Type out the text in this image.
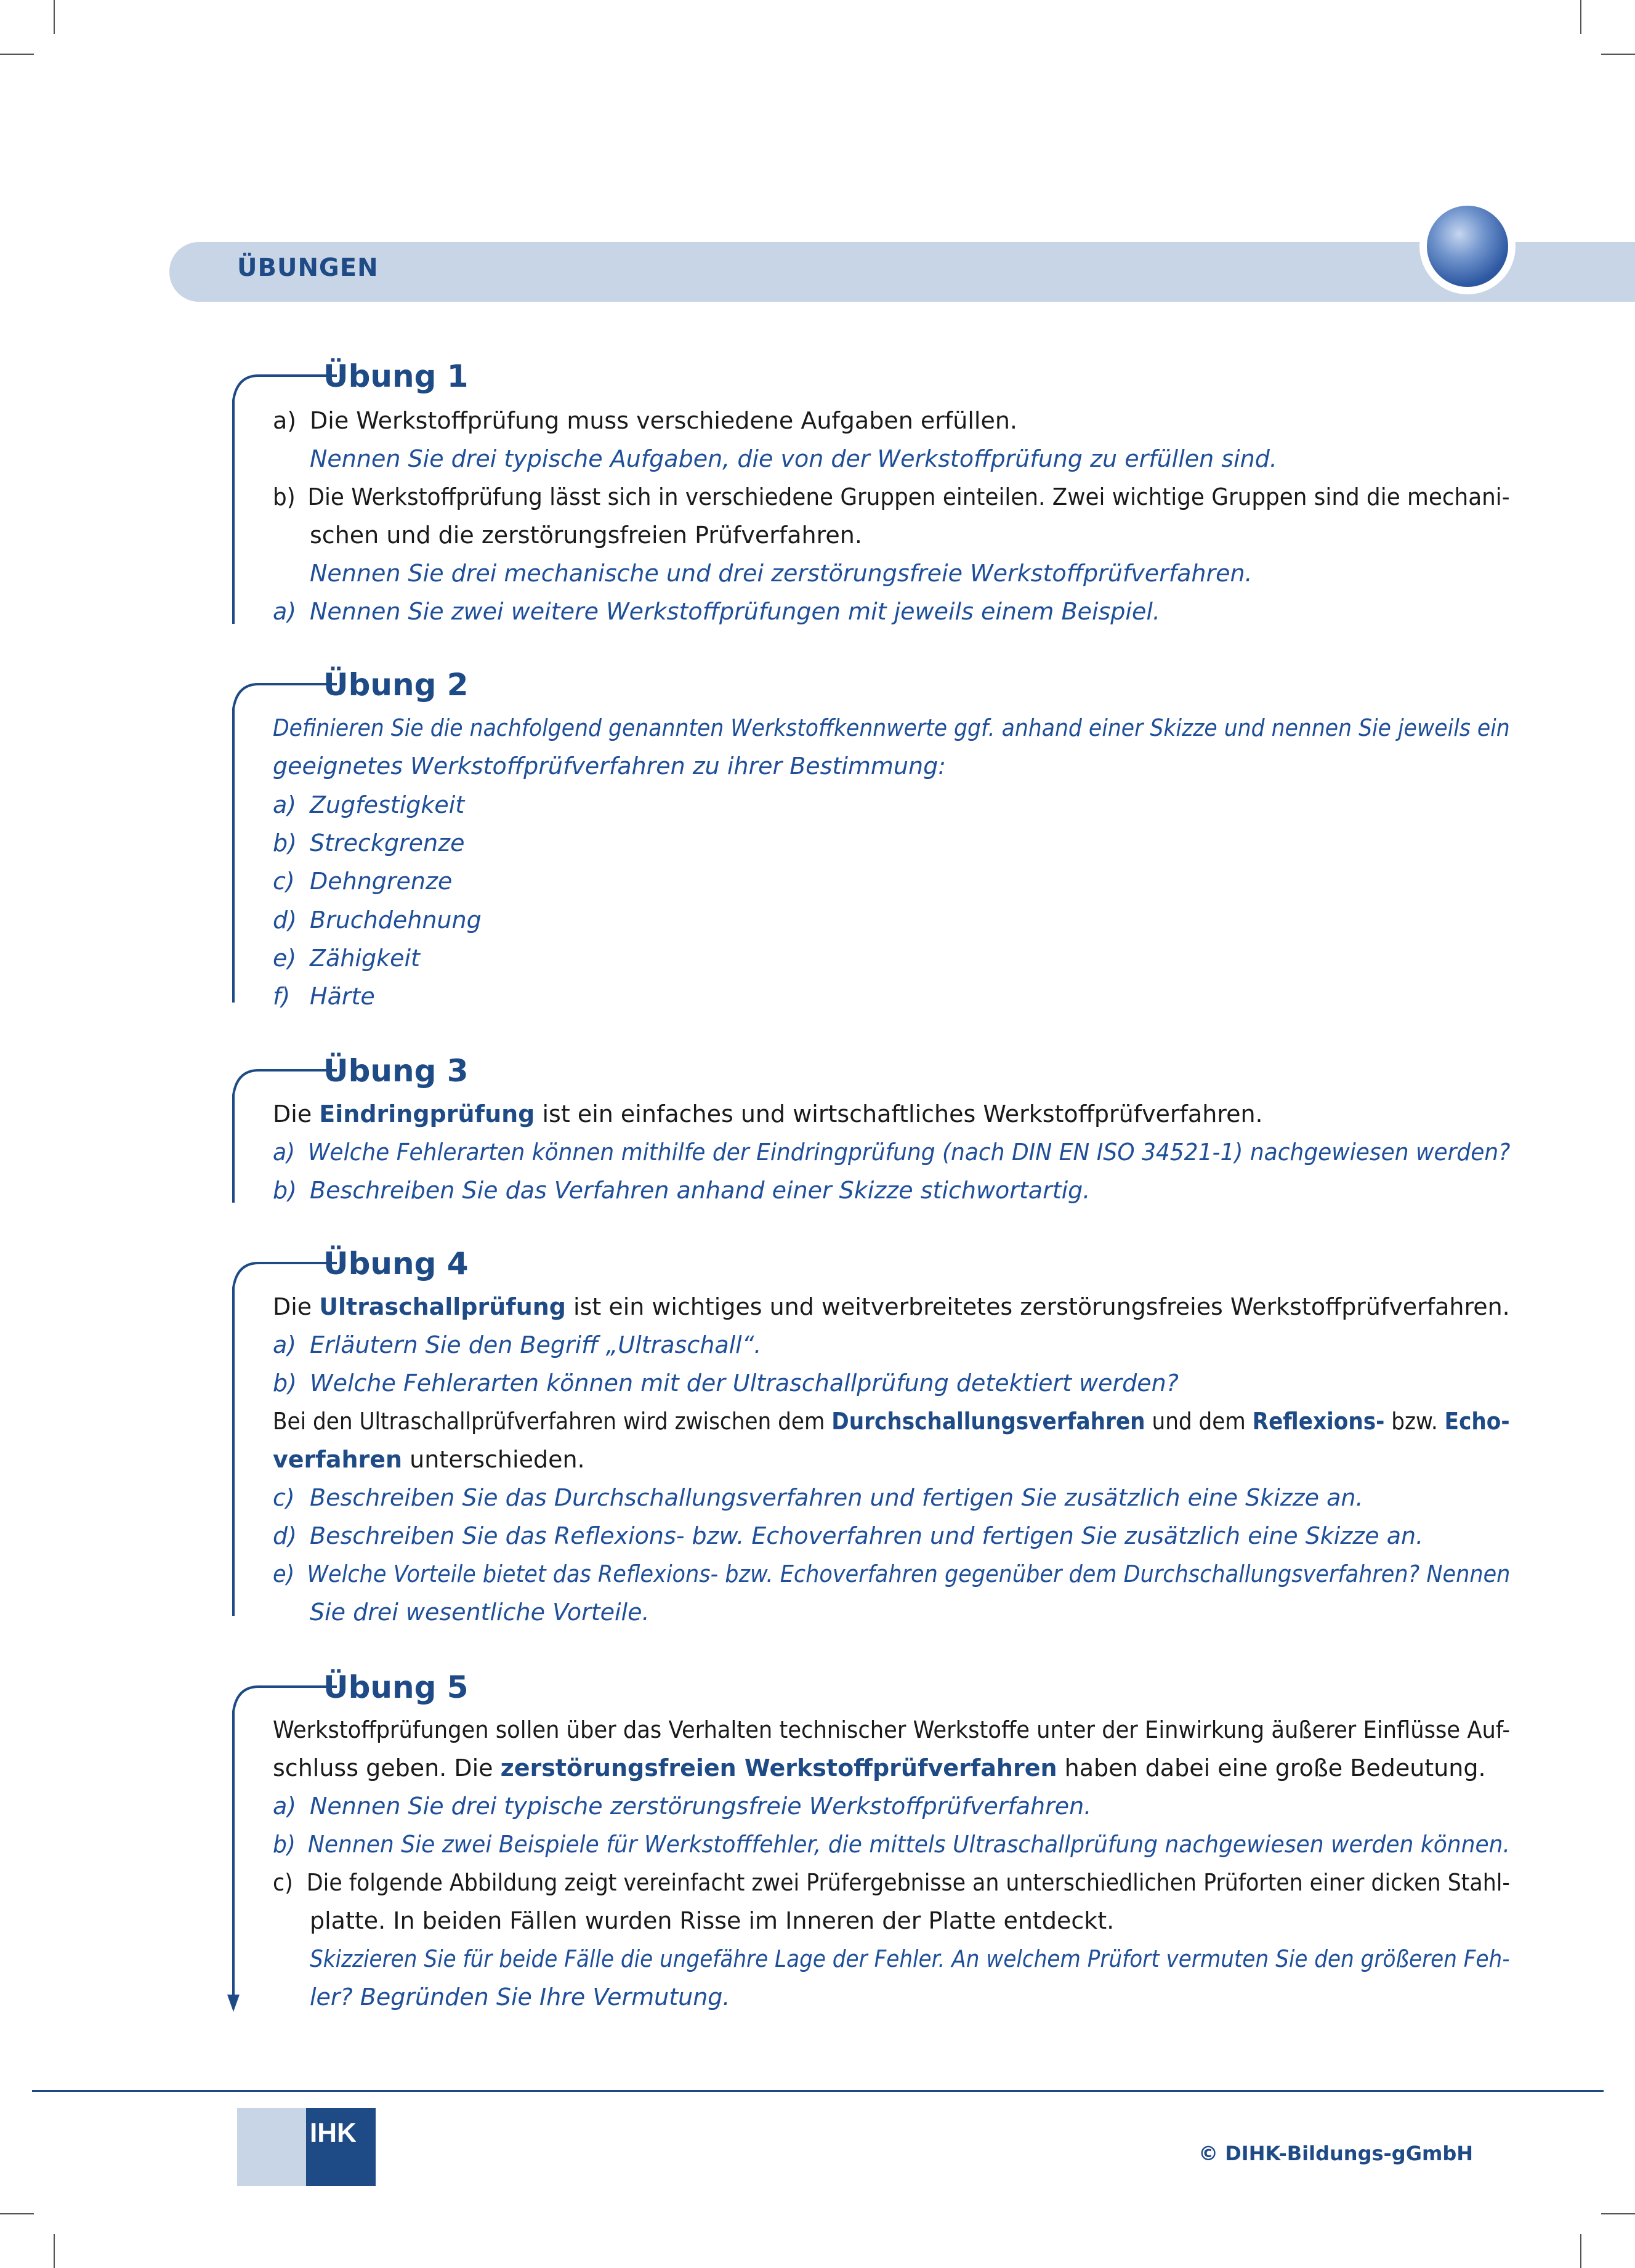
ÜBUNGEN
Übung 1
a) Die Werkstoffprüfung muss verschiedene Aufgaben erfüllen.
Nennen Sie drei typische Aufgaben, die von der Werkstoffprüfung zu erfüllen sind.
b) Die Werkstoffprüfung lässt sich in verschiedene Gruppen einteilen. Zwei wichtige Gruppen sind die mechani-
schen und die zerstörungsfreien Prüfverfahren.
Nennen Sie drei mechanische und drei zerstörungsfreie Werkstoffprüfverfahren.
a) Nennen Sie zwei weitere Werkstoffprüfungen mit jeweils einem Beispiel.
Übung 2
Definieren Sie die nachfolgend genannten Werkstoffkennwerte ggf. anhand einer Skizze und nennen Sie jeweils ein
geeignetes Werkstoffprüfverfahren zu ihrer Bestimmung:
a) Zugfestigkeit
b) Streckgrenze
c) Dehngrenze
d) Bruchdehnung
e) Zähigkeit
f) Härte
Übung 3
Die Eindringprüfung ist ein einfaches und wirtschaftliches Werkstoffprüfverfahren.
a) Welche Fehlerarten können mithilfe der Eindringprüfung (nach DIN EN ISO 34521-1) nachgewiesen werden?
b) Beschreiben Sie das Verfahren anhand einer Skizze stichwortartig.
Übung 4
Die Ultraschallprüfung ist ein wichtiges und weitverbreitetes zerstörungsfreies Werkstoffprüfverfahren.
a) Erläutern Sie den Begriff „Ultraschall“.
b) Welche Fehlerarten können mit der Ultraschallprüfung detektiert werden?
Bei den Ultraschallprüfverfahren wird zwischen dem Durchschallungsverfahren und dem Reflexions- bzw. Echo-
verfahren unterschieden.
c) Beschreiben Sie das Durchschallungsverfahren und fertigen Sie zusätzlich eine Skizze an.
d) Beschreiben Sie das Reflexions- bzw. Echoverfahren und fertigen Sie zusätzlich eine Skizze an.
e) Welche Vorteile bietet das Reflexions- bzw. Echoverfahren gegenüber dem Durchschallungsverfahren? Nennen
Sie drei wesentliche Vorteile.
Übung 5
Werkstoffprüfungen sollen über das Verhalten technischer Werkstoffe unter der Einwirkung äußerer Einflüsse Auf-
schluss geben. Die zerstörungsfreien Werkstoffprüfverfahren haben dabei eine große Bedeutung.
a) Nennen Sie drei typische zerstörungsfreie Werkstoffprüfverfahren.
b) Nennen Sie zwei Beispiele für Werkstofffehler, die mittels Ultraschallprüfung nachgewiesen werden können.
c) Die folgende Abbildung zeigt vereinfacht zwei Prüfergebnisse an unterschiedlichen Prüforten einer dicken Stahl-
platte. In beiden Fällen wurden Risse im Inneren der Platte entdeckt.
Skizzieren Sie für beide Fälle die ungefähre Lage der Fehler. An welchem Prüfort vermuten Sie den größeren Feh-
ler? Begründen Sie Ihre Vermutung.
IHK
© DIHK-Bildungs-gGmbH
